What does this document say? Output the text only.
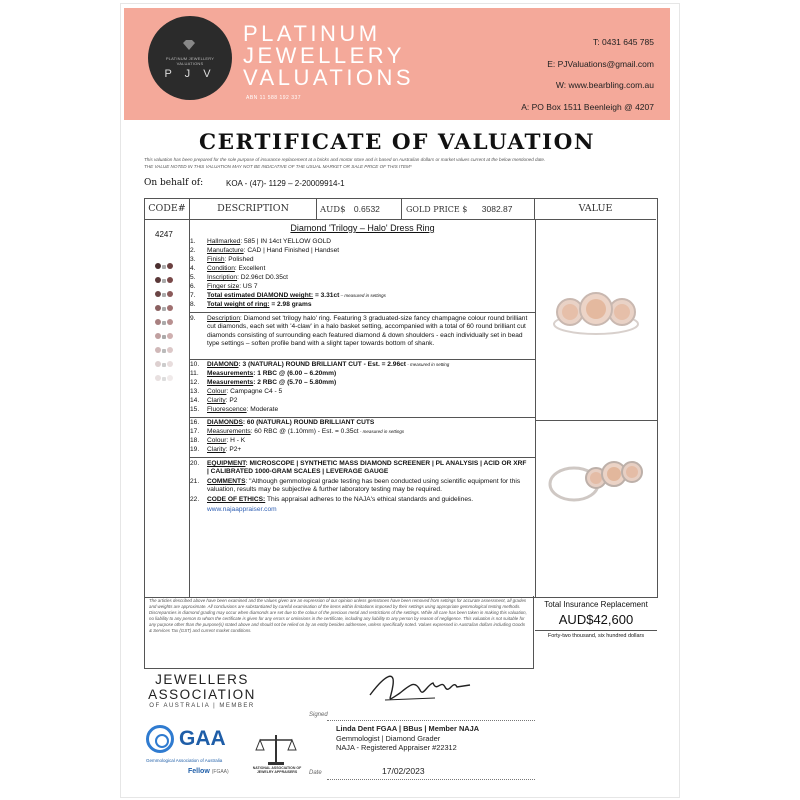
PLATINUM JEWELLERY VALUATIONS
P J V
PLATINUM
JEWELLERY
VALUATIONS
ABN 11 588 192 337
T: 0431 645 785
E: PJValuations@gmail.com
W: www.bearbling.com.au
A: PO Box 1511 Beenleigh @ 4207
CERTIFICATE OF VALUATION
This valuation has been prepared for the sole purpose of insurance replacement at a bricks and mortar store and is based on Australian dollars or market values current at the below mentioned date.
THE VALUE NOTED IN THIS VALUATION MAY NOT BE INDICATIVE OF THE USUAL MARKET OR SALE PRICE OF THIS ITEM*
On behalf of:	KOA - (47)- 1129 – 2-20009914-1
CODE#	DESCRIPTION	AUD$ 0.6532	GOLD PRICE $ 3082.87	VALUE
4247
Diamond 'Trilogy – Halo' Dress Ring
1.	Hallmarked: 585 | IN 14ct YELLOW GOLD
2.	Manufacture: CAD | Hand Finished | Handset
3.	Finish: Polished
4.	Condition: Excellent
5.	Inscription: D2.96ct D0.35ct
6.	Finger size: US 7
7.	Total estimated DIAMOND weight: = 3.31ct – measured in settings
8.	Total weight of ring: = 2.98 grams
9.	Description: Diamond set 'trilogy halo' ring. Featuring 3 graduated-size fancy champagne colour round brilliant cut diamonds, each set with '4-claw' in a halo basket setting, accompanied with a total of 60 round brilliant cut diamonds consisting of surrounding each featured diamond & down shoulders - each individually set in bead type settings – soften profile band with a slight taper towards bottom of shank.
10.	DIAMOND: 3 (NATURAL) ROUND BRILLIANT CUT - Est. = 2.96ct - measured in setting
11.	Measurements: 1 RBC @ (6.00 – 6.20mm)
12.	Measurements: 2 RBC @ (5.70 – 5.80mm)
13.	Colour: Campagne C4 - 5
14.	Clarity: P2
15.	Fluorescence: Moderate
16.	DIAMONDS: 60 (NATURAL) ROUND BRILLIANT CUTS
17.	Measurements: 60 RBC @ (1.10mm) - Est. = 0.35ct - measured in settings
18.	Colour: H - K
19.	Clarity: P2+
20.	EQUIPMENT: MICROSCOPE | SYNTHETIC MASS DIAMOND SCREENER | PL ANALYSIS | ACID OR XRF | CALIBRATED 1000-GRAM SCALES | LEVERAGE GAUGE
21.	COMMENTS: "Although gemmological grade testing has been conducted using scientific equipment for this valuation, results may be subjective & further laboratory testing may be required.
22.	CODE OF ETHICS: This appraisal adheres to the NAJA's ethical standards and guidelines.
www.najaappraiser.com
The articles described above have been examined and the values given are an expression of our opinion unless gemstones have been removed from settings for accurate assessment, all grades and weights are approximate. All conclusions are substantiated by careful examination of the items within limitations imposed by their settings using appropriate gemmological testing methods. Discrepancies in diamond grading may occur when diamonds are set due to the colour of the precious metal and restrictions of the settings. While all care has been taken in making this valuation, no liability to any person to whom the certificate is given for any errors or omissions in the certificate, including any liability to any person by reason of negligence. This valuation is not suitable for any purpose other than the purpose(s) stated above and should not be relied on by an entity besides addressee, unless specifically noted. Values expressed in Australian dollars including Goods & Services Tax (GST) and current market conditions.
Total Insurance Replacement
AUD$42,600
Forty-two thousand, six hundred dollars
JEWELLERS
ASSOCIATION
OF AUSTRALIA | MEMBER
GAA
Gemmological Association of Australia
Fellow (FGAA)
NATIONAL ASSOCIATION OF JEWELRY APPRAISERS
Signed
Linda Dent FGAA | BBus | Member NAJA
Gemmologist | Diamond Grader
NAJA - Registered Appraiser #22312
Date	17/02/2023
